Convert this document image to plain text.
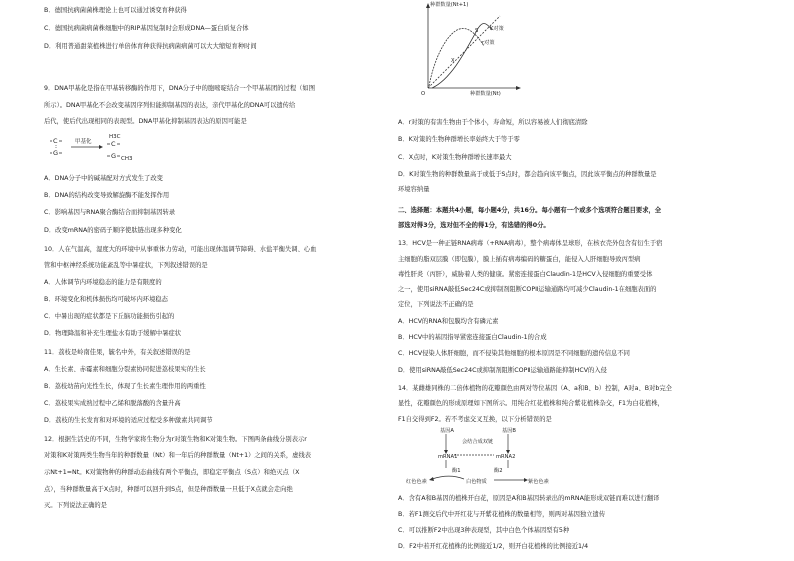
C
G
甲基化
H3C
C
G CH3
B．德国抗病菌菌株理论上也可以通过诱变育种获得
C．德国抗病菌病菌株细胞中的RIP基因复制时会形成DNA—蛋白质复合体
D．利用普通甜菜植株进行单倍体育种获得抗病菌病菌可以大大缩短育种时间
9．DNA甲基化是指在甲基转移酶的作用下，DNA分子中的胞嘧啶结合一个甲基基团的过程（如图
所示）。DNA甲基化不会改变基因序列但能抑制基因的表达，亲代甲基化的DNA可以遗传给
后代，使后代出现相同的表现型。DNA甲基化抑制基因表达的原因可能是
A．DNA分子中的碱基配对方式发生了改变
B．DNA的结构改变导致解旋酶不能发挥作用
C．影响基因与RNA聚合酶结合而抑制基因转录
D．改变mRNA的密码子顺序使肽链出现多种变化
10．人在气温高，湿度大的环境中从事重体力劳动，可能出现体温调节障碍、水盐平衡失调、心血
管和中枢神经系统功能紊乱等中暑症状，下列叙述错误的是
A．人体调节内环境稳态的能力是有限度的
B．环境变化和机体损伤均可破坏内环境稳态
C．中暑出现的症状都是下丘脑功能损伤引起的
D．物理降温和补充生理盐水有助于缓解中暑症状
11．荔枝是岭南佳果，毓名中外，有关叙述错误的是
A．生长素、赤霉素和细胞分裂素协同促进荔枝果实的生长
B．荔枝幼苗向光性生长，体现了生长素生理作用的两重性
C．荔枝果实成熟过程中乙烯和脱落酸的含量升高
D．荔枝的生长发育和对环境的适应过程受多种激素共同调节
12．根据生活史的不同，生物学家将生物分为r对策生物和K对策生物。下图两条曲线分别表示r
对策和K对策两类生物当年的种群数量（Nt）和一年后的种群数量（Nt+1）之间的关系，虚线表
示Nt+1=Nt。K对策物种的种群动态曲线有两个平衡点，即稳定平衡点（S点）和绝灭点（X
点），当种群数量高于X点时，种群可以回升到S点，但是种群数量一旦低于X点就会走向绝
灭。下列说法正确的是
种群数量(Nt+1)
种群数量(Nt)
O
K对策
r对策
S
X
基因A	基因B
会结合成双链
mRNA1	mRNA2
酶1	酶2
红色色素	白色物质	紫色色素
A．r对策的有害生物由于个体小，寿命短，所以容易被人们彻底清除
B．K对策的生物种群增长率始终大于等于零
C．X点时，K对策生物种群增长速率最大
D．K对策生物的种群数量高于或低于S点时，都会趋向该平衡点，因此该平衡点的种群数量是
环境容纳量
二、选择题：本题共4小题，每小题4分，共16分。每小题有一个或多个选项符合题目要求，全
部选对得3分，选对但不全的得1分，有选错的得0分。
13．HCV是一种正链RNA病毒（+RNA病毒），整个病毒体呈球形，在核衣壳外包含有衍生于宿
主细胞的脂双层膜（即包膜），膜上插有病毒编码的糖蛋白，能侵入人肝细胞导致丙型病
毒性肝炎（丙肝），威胁着人类的健康。紧密连接蛋白Claudin-1是HCV入侵细胞的重要受体
之一，使用siRNA敲低Sec24C或抑制剂阻断COPⅡ运输通路均可减少Claudin-1在细胞表面的
定位，下列说法不正确的是
A．HCV的RNA和包膜均含有磷元素
B．HCV中的基因指导紧密连接蛋白Claudin-1的合成
C．HCV侵染人体肝细胞，而不侵染其他细胞的根本原因是不同细胞的遗传信息不同
D．使用siRNA敲低Sec24C或抑制剂阻断COPⅡ运输通路能抑制HCV的入侵
14．某雌雄同株的二倍体植物的花瓣颜色由两对等位基因（A、a和B、b）控制，A对a、B对b完全
显性，花瓣颜色的形成原理如下图所示。用纯合红花植株和纯合紫花植株杂交，F1为白花植株，
F1自交得到F2。若不考虑交叉互换，以下分析错误的是
A．含有A和B基因的植株开白花，原因是A和B基因转录出的mRNA能形成双链而难以进行翻译
B．若F1测交后代中开红花与开紫花植株的数量相等，则两对基因独立遗传
C．可以推断F2中出现3种表现型，其中白色个体基因型有5种
D．F2中若开红花植株的比例接近1/2，则开白花植株的比例接近1/4
